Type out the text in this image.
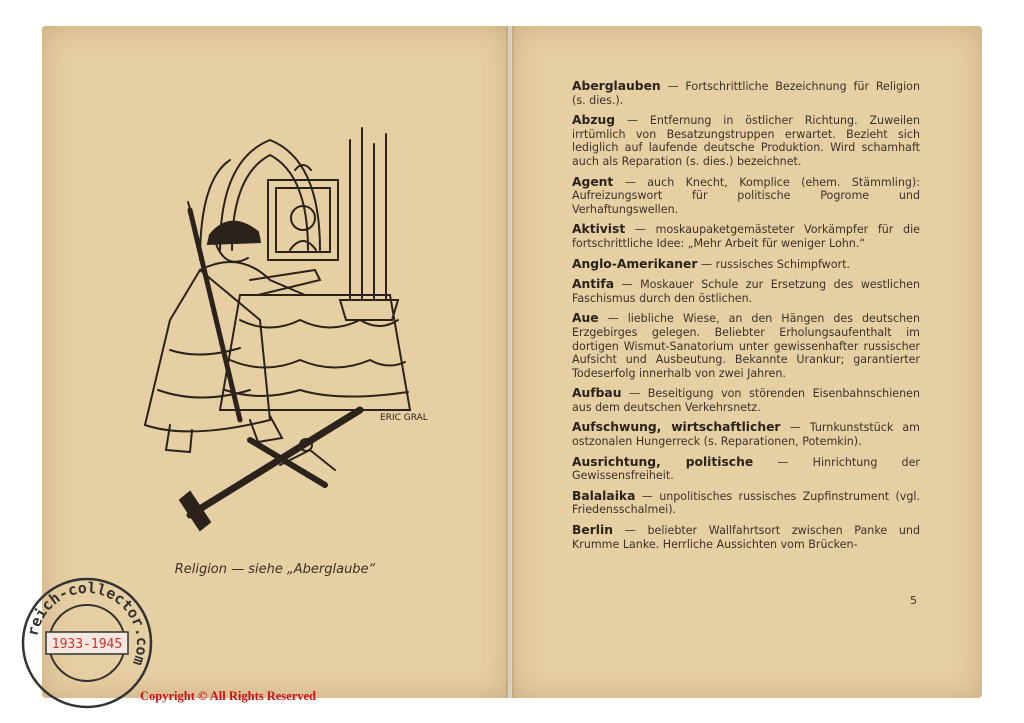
ERIC GRAL
Religion — siehe „Aberglaube“
Aberglauben — Fortschrittliche Bezeichnung für Religion (s. dies.).
Abzug — Entfernung in östlicher Richtung. Zuweilen irrtümlich von Besatzungstruppen erwartet. Bezieht sich lediglich auf laufende deutsche Produktion. Wird schamhaft auch als Reparation (s. dies.) bezeichnet.
Agent — auch Knecht, Komplice (ehem. Stämmling): Aufreizungswort für politische Pogrome und Verhaftungswellen.
Aktivist — moskaupaketgemästeter Vorkämpfer für die fortschrittliche Idee: „Mehr Arbeit für weniger Lohn.“
Anglo-Amerikaner — russisches Schimpfwort.
Antifa — Moskauer Schule zur Ersetzung des westlichen Faschismus durch den östlichen.
Aue — liebliche Wiese, an den Hängen des deutschen Erzgebirges gelegen. Beliebter Erholungsaufenthalt im dortigen Wismut-Sanatorium unter gewissenhafter russischer Aufsicht und Ausbeutung. Bekannte Urankur; garantierter Todeserfolg innerhalb von zwei Jahren.
Aufbau — Beseitigung von störenden Eisenbahnschienen aus dem deutschen Verkehrsnetz.
Aufschwung, wirtschaftlicher — Turnkunststück am ostzonalen Hungerreck (s. Reparationen, Potemkin).
Ausrichtung, politische — Hinrichtung der Gewissensfreiheit.
Balalaika — unpolitisches russisches Zupfinstrument (vgl. Friedensschalmei).
Berlin — beliebter Wallfahrtsort zwischen Panke und Krumme Lanke. Herrliche Aussichten vom Brücken-
5
reich-collector.com
1933-1945
Copyright © All Rights Reserved
